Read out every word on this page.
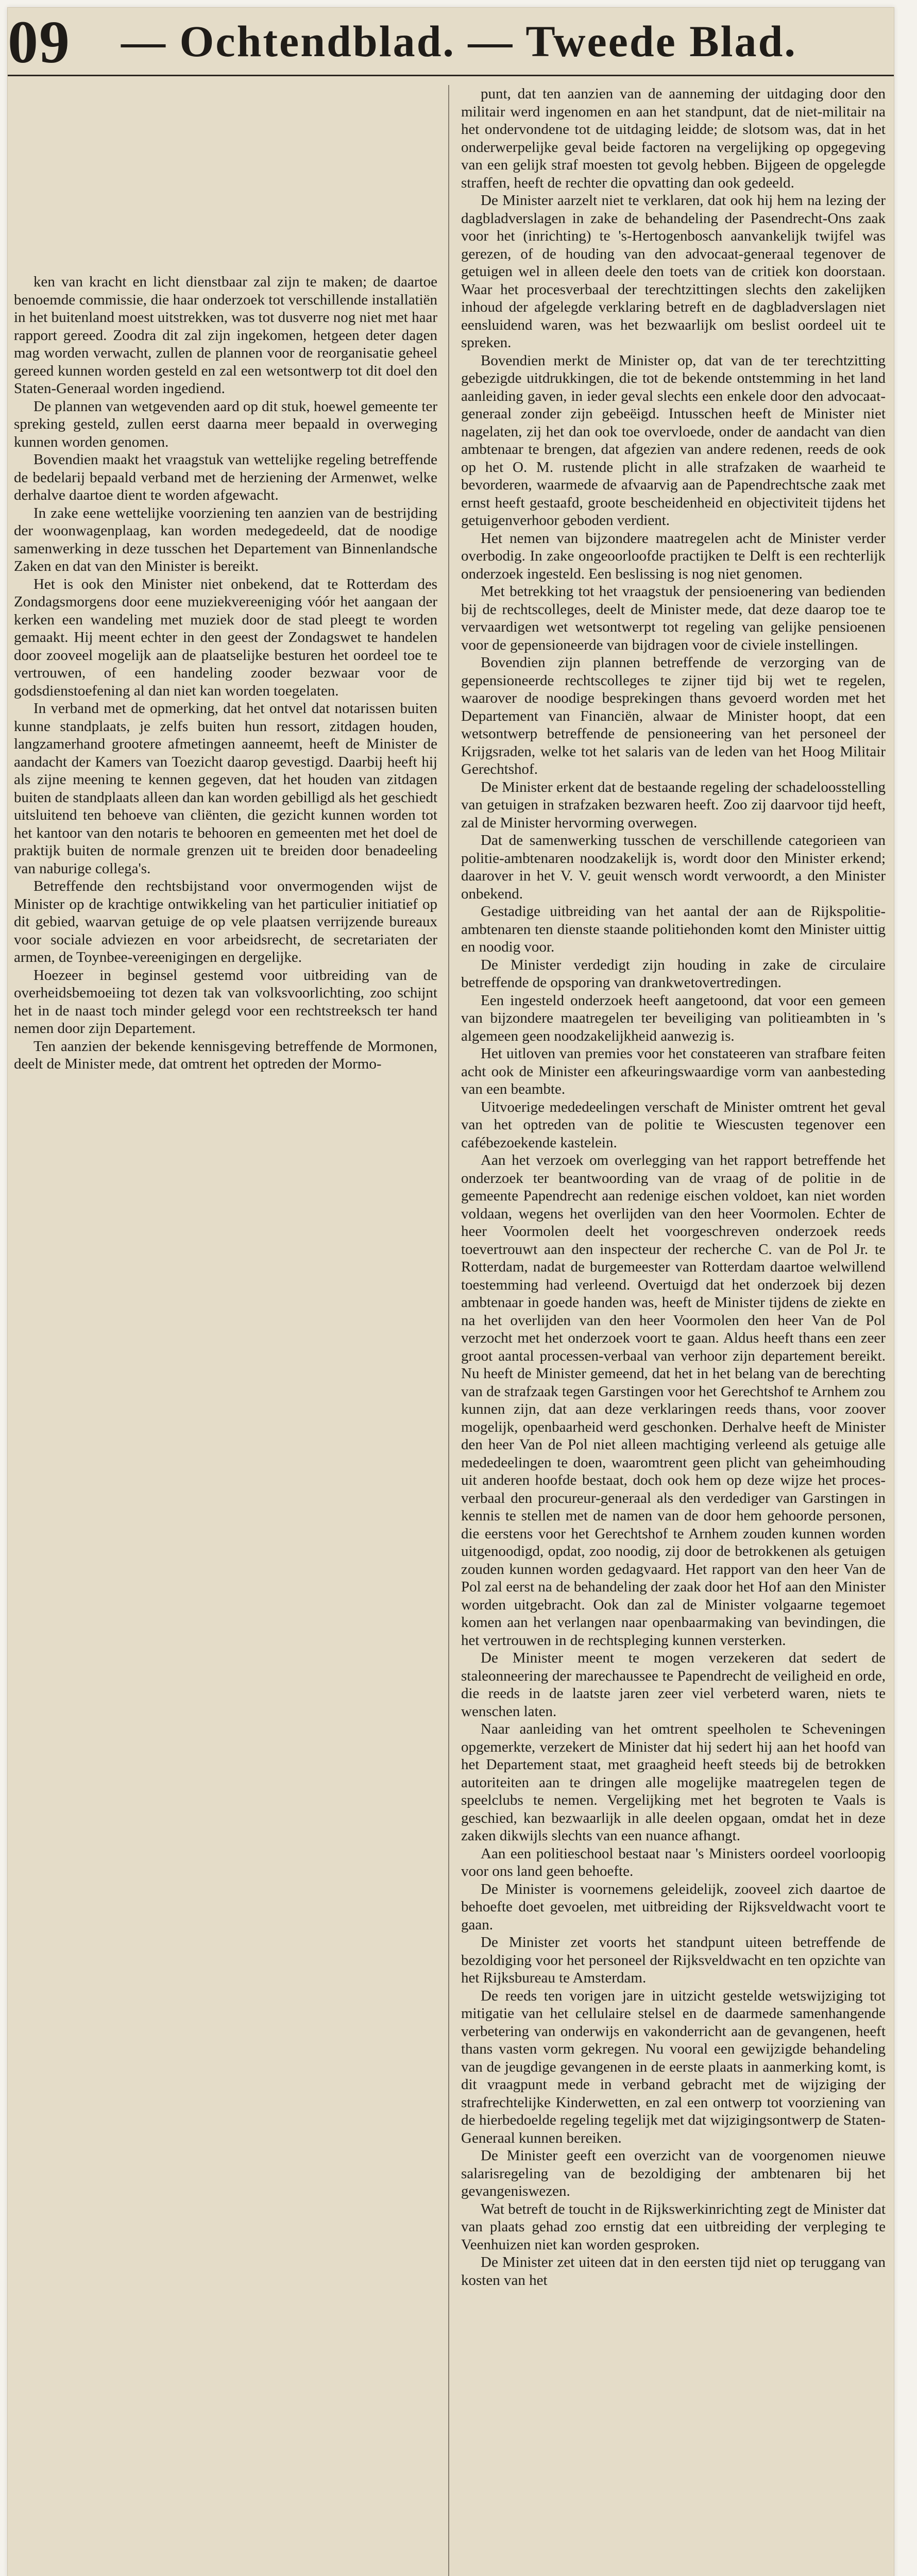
09 — Ochtendblad. — Tweede Blad.

ken van kracht en licht dienstbaar zal zijn te maken; de daartoe benoemde commissie, die haar onderzoek tot verschillende installatiën in het buitenland moest uitstrekken, was tot dusverre nog niet met haar rapport gereed. Zoodra dit zal zijn ingekomen, hetgeen deter dagen mag worden verwacht, zullen de plannen voor de reorganisatie geheel gereed kunnen worden gesteld en zal een wetsontwerp tot dit doel den Staten-Generaal worden ingediend.

De plannen van wetgevenden aard op dit stuk, hoewel gemeente ter spreking gesteld, zullen eerst daarna meer bepaald in overweging kunnen worden genomen.

Bovendien maakt het vraagstuk van wettelijke regeling betreffende de bedelarij bepaald verband met de herziening der Armenwet, welke derhalve daartoe dient te worden afgewacht.

In zake eene wettelijke voorziening ten aanzien van de bestrijding der woonwagenplaag, kan worden medegedeeld, dat de noodige samenwerking in deze tusschen het Departement van Binnenlandsche Zaken en dat van den Minister is bereikt.

Het is ook den Minister niet onbekend, dat te Rotterdam des Zondagsmorgens door eene muziekvereeniging vóór het aangaan der kerken een wandeling met muziek door de stad pleegt te worden gemaakt. Hij meent echter in den geest der Zondagswet te handelen door zooveel mogelijk aan de plaatselijke besturen het oordeel toe te vertrouwen, of een handeling zooder bezwaar voor de godsdienstoefening al dan niet kan worden toegelaten.

In verband met de opmerking, dat het ontvel dat notarissen buiten kunne standplaats, je zelfs buiten hun ressort, zitdagen houden, langzamerhand grootere afmetingen aanneemt, heeft de Minister de aandacht der Kamers van Toezicht daarop gevestigd. Daarbij heeft hij als zijne meening te kennen gegeven, dat het houden van zitdagen buiten de standplaats alleen dan kan worden gebilligd als het geschiedt uitsluitend ten behoeve van cliënten, die gezicht kunnen worden tot het kantoor van den notaris te behooren en gemeenten met het doel de praktijk buiten de normale grenzen uit te breiden door benadeeling van naburige collega's.

Betreffende den rechtsbijstand voor onvermogenden wijst de Minister op de krachtige ontwikkeling van het particulier initiatief op dit gebied, waarvan getuige de op vele plaatsen verrijzende bureaux voor sociale adviezen en voor arbeidsrecht, de secretariaten der armen, de Toynbee-vereenigingen en dergelijke.

Hoezeer in beginsel gestemd voor uitbreiding van de overheidsbemoeiing tot dezen tak van volksvoorlichting, zoo schijnt het in de naast toch minder gelegd voor een rechtstreeksch ter hand nemen door zijn Departement.

Ten aanzien der bekende kennisgeving betreffende de Mormonen, deelt de Minister mede, dat omtrent het optreden der Mormo-

punt, dat ten aanzien van de aanneming der uitdaging door den militair werd ingenomen en aan het standpunt, dat de niet-militair na het ondervondene tot de uitdaging leidde; de slotsom was, dat in het onderwerpelijke geval beide factoren na vergelijking op opgegeving van een gelijk straf moesten tot gevolg hebben. Bijgeen de opgelegde straffen, heeft de rechter die opvatting dan ook gedeeld.

De Minister aarzelt niet te verklaren, dat ook hij hem na lezing der dagbladverslagen in zake de behandeling der Pasendrecht-Ons zaak voor het (inrichting) te 's-Hertogenbosch aanvankelijk twijfel was gerezen, of de houding van den advocaat-generaal tegenover de getuigen wel in alleen deele den toets van de critiek kon doorstaan. Waar het procesverbaal der terechtzittingen slechts den zakelijken inhoud der afgelegde verklaring betreft en de dagbladverslagen niet eensluidend waren, was het bezwaarlijk om beslist oordeel uit te spreken.

Bovendien merkt de Minister op, dat van de ter terechtzitting gebezigde uitdrukkingen, die tot de bekende ontstemming in het land aanleiding gaven, in ieder geval slechts een enkele door den advocaat-generaal zonder zijn gebeëigd. Intusschen heeft de Minister niet nagelaten, zij het dan ook toe overvloede, onder de aandacht van dien ambtenaar te brengen, dat afgezien van andere redenen, reeds de ook op het O. M. rustende plicht in alle strafzaken de waarheid te bevorderen, waarmede de afvaarvig aan de Papendrechtsche zaak met ernst heeft gestaafd, groote bescheidenheid en objectiviteit tijdens het getuigenverhoor geboden verdient.

Het nemen van bijzondere maatregelen acht de Minister verder overbodig. In zake ongeoorloofde practijken te Delft is een rechterlijk onderzoek ingesteld. Een beslissing is nog niet genomen.

Met betrekking tot het vraagstuk der pensioenering van bedienden bij de rechtscolleges, deelt de Minister mede, dat deze daarop toe te vervaardigen wet wetsontwerpt tot regeling van gelijke pensioenen voor de gepensioneerde van bijdragen voor de civiele instellingen.

Bovendien zijn plannen betreffende de verzorging van de gepensioneerde rechtscolleges te zijner tijd bij wet te regelen, waarover de noodige besprekingen thans gevoerd worden met het Departement van Financiën, alwaar de Minister hoopt, dat een wetsontwerp betreffende de pensioneering van het personeel der Krijgsraden, welke tot het salaris van de leden van het Hoog Militair Gerechtshof.

De Minister erkent dat de bestaande regeling der schadeloosstelling van getuigen in strafzaken bezwaren heeft. Zoo zij daarvoor tijd heeft, zal de Minister hervorming overwegen.

Dat de samenwerking tusschen de verschillende categorieen van politie-ambtenaren noodzakelijk is, wordt door den Minister erkend; daarover in het V. V. geuit wensch wordt verwoordt, a den Minister onbekend.

Gestadige uitbreiding van het aantal der aan de Rijkspolitie-ambtenaren ten dienste staande politiehonden komt den Minister uittig en noodig voor.

De Minister verdedigt zijn houding in zake de circulaire betreffende de opsporing van drankwetovertredingen.

Een ingesteld onderzoek heeft aangetoond, dat voor een gemeen van bijzondere maatregelen ter beveiliging van politieambten in 's algemeen geen noodzakelijkheid aanwezig is.

Het uitloven van premies voor het constateeren van strafbare feiten acht ook de Minister een afkeuringswaardige vorm van aanbesteding van een beambte.

Uitvoerige mededeelingen verschaft de Minister omtrent het geval van het optreden van de politie te Wiescusten tegenover een cafébezoekende kastelein.

Aan het verzoek om overlegging van het rapport betreffende het onderzoek ter beantwoording van de vraag of de politie in de gemeente Papendrecht aan redenige eischen voldoet, kan niet worden voldaan, wegens het overlijden van den heer Voormolen. Echter de heer Voormolen deelt het voorgeschreven onderzoek reeds toevertrouwt aan den inspecteur der recherche C. van de Pol Jr. te Rotterdam, nadat de burgemeester van Rotterdam daartoe welwillend toestemming had verleend. Overtuigd dat het onderzoek bij dezen ambtenaar in goede handen was, heeft de Minister tijdens de ziekte en na het overlijden van den heer Voormolen den heer Van de Pol verzocht met het onderzoek voort te gaan. Aldus heeft thans een zeer groot aantal processen-verbaal van verhoor zijn departement bereikt. Nu heeft de Minister gemeend, dat het in het belang van de berechting van de strafzaak tegen Garstingen voor het Gerechtshof te Arnhem zou kunnen zijn, dat aan deze verklaringen reeds thans, voor zoover mogelijk, openbaarheid werd geschonken. Derhalve heeft de Minister den heer Van de Pol niet alleen machtiging verleend als getuige alle mededeelingen te doen, waaromtrent geen plicht van geheimhouding uit anderen hoofde bestaat, doch ook hem op deze wijze het proces-verbaal den procureur-generaal als den verdediger van Garstingen in kennis te stellen met de namen van de door hem gehoorde personen, die eerstens voor het Gerechtshof te Arnhem zouden kunnen worden uitgenoodigd, opdat, zoo noodig, zij door de betrokkenen als getuigen zouden kunnen worden gedagvaard. Het rapport van den heer Van de Pol zal eerst na de behandeling der zaak door het Hof aan den Minister worden uitgebracht. Ook dan zal de Minister volgaarne tegemoet komen aan het verlangen naar openbaarmaking van bevindingen, die het vertrouwen in de rechtspleging kunnen versterken.

De Minister meent te mogen verzekeren dat sedert de staleonneering der marechaussee te Papendrecht de veiligheid en orde, die reeds in de laatste jaren zeer viel verbeterd waren, niets te wenschen laten.

Naar aanleiding van het omtrent speelholen te Scheveningen opgemerkte, verzekert de Minister dat hij sedert hij aan het hoofd van het Departement staat, met graagheid heeft steeds bij de betrokken autoriteiten aan te dringen alle mogelijke maatregelen tegen de speelclubs te nemen. Vergelijking met het begroten te Vaals is geschied, kan bezwaarlijk in alle deelen opgaan, omdat het in deze zaken dikwijls slechts van een nuance afhangt.

Aan een politieschool bestaat naar 's Ministers oordeel voorloopig voor ons land geen behoefte.

De Minister is voornemens geleidelijk, zooveel zich daartoe de behoefte doet gevoelen, met uitbreiding der Rijksveldwacht voort te gaan.

De Minister zet voorts het standpunt uiteen betreffende de bezoldiging voor het personeel der Rijksveldwacht en ten opzichte van het Rijksbureau te Amsterdam.

De reeds ten vorigen jare in uitzicht gestelde wetswijziging tot mitigatie van het cellulaire stelsel en de daarmede samenhangende verbetering van onderwijs en vakonderricht aan de gevangenen, heeft thans vasten vorm gekregen. Nu vooral een gewijzigde behandeling van de jeugdige gevangenen in de eerste plaats in aanmerking komt, is dit vraagpunt mede in verband gebracht met de wijziging der strafrechtelijke Kinderwetten, en zal een ontwerp tot voorziening van de hierbedoelde regeling tegelijk met dat wijzigingsontwerp de Staten-Generaal kunnen bereiken.

De Minister geeft een overzicht van de voorgenomen nieuwe salarisregeling van de bezoldiging der ambtenaren bij het gevangeniswezen.

Wat betreft de toucht in de Rijkswerkinrichting zegt de Minister dat van plaats gehad zoo ernstig dat een uitbreiding der verpleging te Veenhuizen niet kan worden gesproken.

De Minister zet uiteen dat in den eersten tijd niet op teruggang van kosten van het
